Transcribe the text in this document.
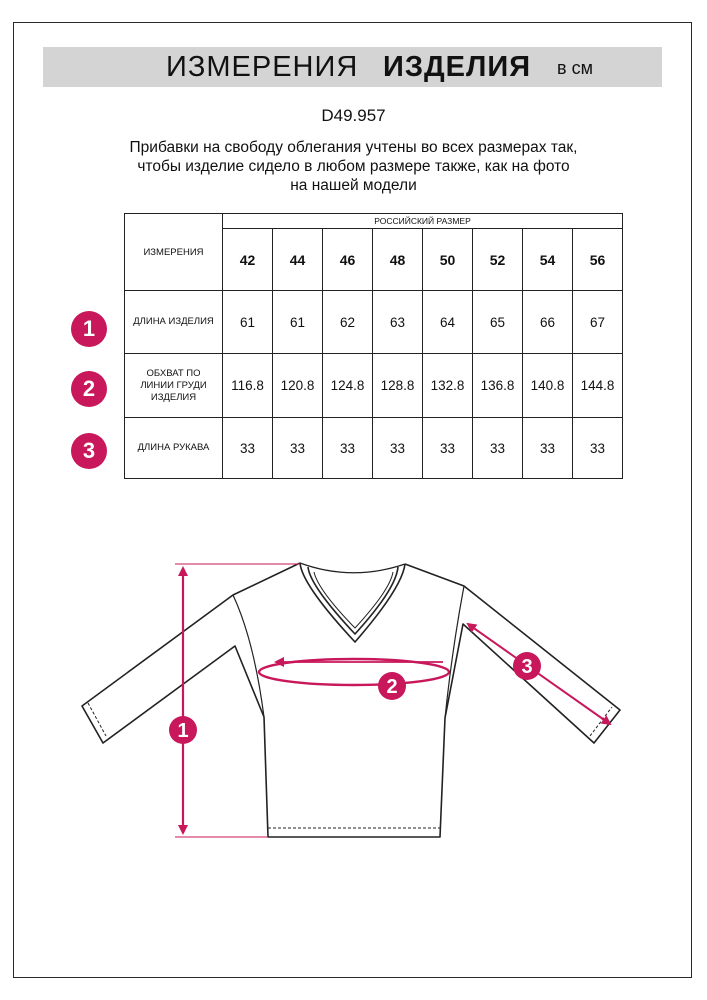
ИЗМЕРЕНИЯ ИЗДЕЛИЯ в см
D49.957
Прибавки на свободу облегания учтены во всех размерах так,
чтобы изделие сидело в любом размере также, как на фото
на нашей модели
ИЗМЕРЕНИЯ	РОССИЙСКИЙ РАЗМЕР							
	42	44	46	48	50	52	54	56
ДЛИНА ИЗДЕЛИЯ	61	61	62	63	64	65	66	67

ОБХВАТ ПО
ЛИНИИ ГРУДИ
ИЗДЕЛИЯ	116.8	120.8	124.8	128.8	132.8	136.8	140.8	144.8
ДЛИНА РУКАВА	33	33	33	33	33	33	33	33
1
2
3
1
2
3
